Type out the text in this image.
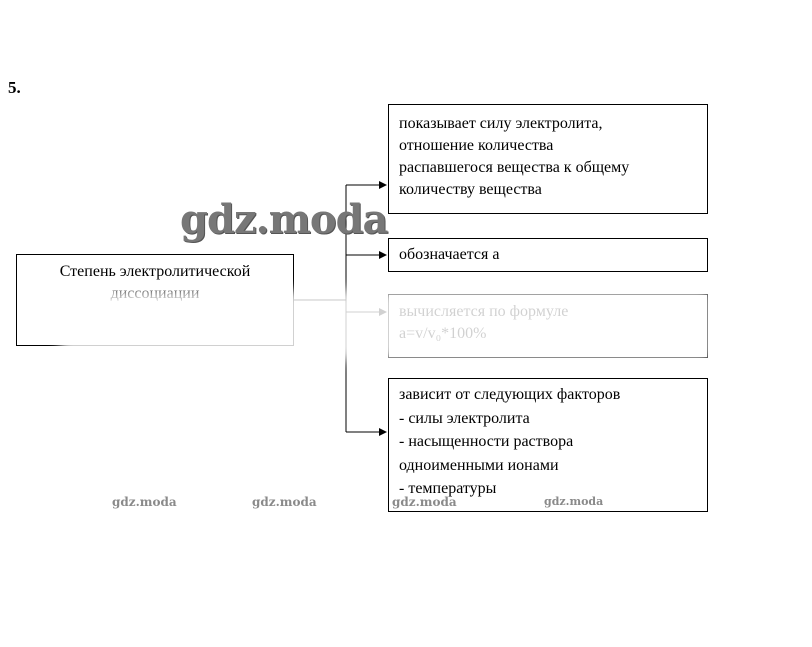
5.
Степень электролитической
показывает силу электролита,
отношение количества
распавшегося вещества к общему
количеству вещества
обозначается a
зависит от следующих факторов
- силы электролита
- насыщенности раствора
одноименными ионами
- температуры
gdz.moda
gdz.moda	gdz.moda	gdz.moda	gdz.moda
